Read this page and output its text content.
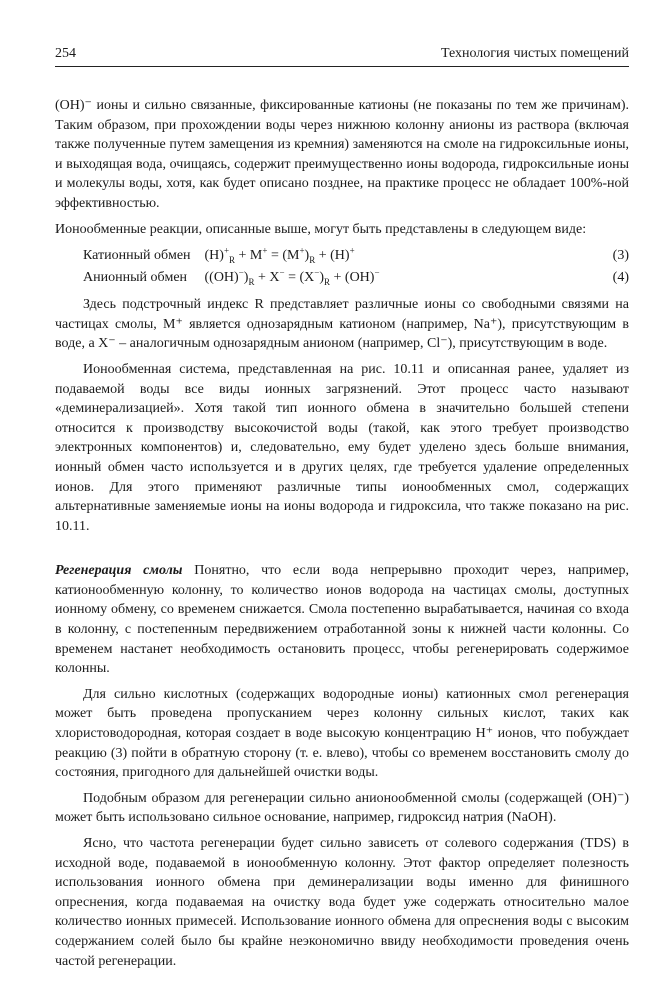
254	Технология чистых помещений

(ОН)⁻ ионы и сильно связанные, фиксированные катионы (не показаны по тем же причинам). Таким образом, при прохождении воды через нижнюю колонну анионы из раствора (включая также полученные путем замещения из кремния) заменяются на смоле на гидроксильные ионы, и выходящая вода, очищаясь, содержит преимущественно ионы водорода, гидроксильные ионы и молекулы воды, хотя, как будет описано позднее, на практике процесс не обладает 100%-ной эффективностью.

Ионообменные реакции, описанные выше, могут быть представлены в следующем виде:

Катионный обмен $(H)^+_R + M^+ = (M^+)_R + (H)^+$	(3)
Анионный обмен $((OH)^-)_R + X^- = (X^-)_R + (OH)^-$	(4)

Здесь подстрочный индекс R представляет различные ионы со свободными связями на частицах смолы, М⁺ является однозарядным катионом (например, Na⁺), присутствующим в воде, а X⁻ – аналогичным однозарядным анионом (например, Cl⁻), присутствующим в воде.

Ионообменная система, представленная на рис. 10.11 и описанная ранее, удаляет из подаваемой воды все виды ионных загрязнений. Этот процесс часто называют «деминерализацией». Хотя такой тип ионного обмена в значительно большей степени относится к производству высокочистой воды (такой, как этого требует производство электронных компонентов) и, следовательно, ему будет уделено здесь больше внимания, ионный обмен часто используется и в других целях, где требуется удаление определенных ионов. Для этого применяют различные типы ионообменных смол, содержащих альтернативные заменяемые ионы на ионы водорода и гидроксила, что также показано на рис. 10.11.

Регенерация смолы Понятно, что если вода непрерывно проходит через, например, катионообменную колонну, то количество ионов водорода на частицах смолы, доступных ионному обмену, со временем снижается. Смола постепенно вырабатывается, начиная со входа в колонну, с постепенным передвижением отработанной зоны к нижней части колонны. Со временем настанет необходимость остановить процесс, чтобы регенерировать содержимое колонны.

Для сильно кислотных (содержащих водородные ионы) катионных смол регенерация может быть проведена пропусканием через колонну сильных кислот, таких как хлористоводородная, которая создает в воде высокую концентрацию Н⁺ ионов, что побуждает реакцию (3) пойти в обратную сторону (т. е. влево), чтобы со временем восстановить смолу до состояния, пригодного для дальнейшей очистки воды.

Подобным образом для регенерации сильно анионообменной смолы (содержащей (ОН)⁻) может быть использовано сильное основание, например, гидроксид натрия (NaOH).

Ясно, что частота регенерации будет сильно зависеть от солевого содержания (TDS) в исходной воде, подаваемой в ионообменную колонну. Этот фактор определяет полезность использования ионного обмена при деминерализации воды именно для финишного опреснения, когда подаваемая на очистку вода будет уже содержать относительно малое количество ионных примесей. Использование ионного обмена для опреснения воды с высоким содержанием солей было бы крайне неэкономично ввиду необходимости проведения очень частой регенерации.
